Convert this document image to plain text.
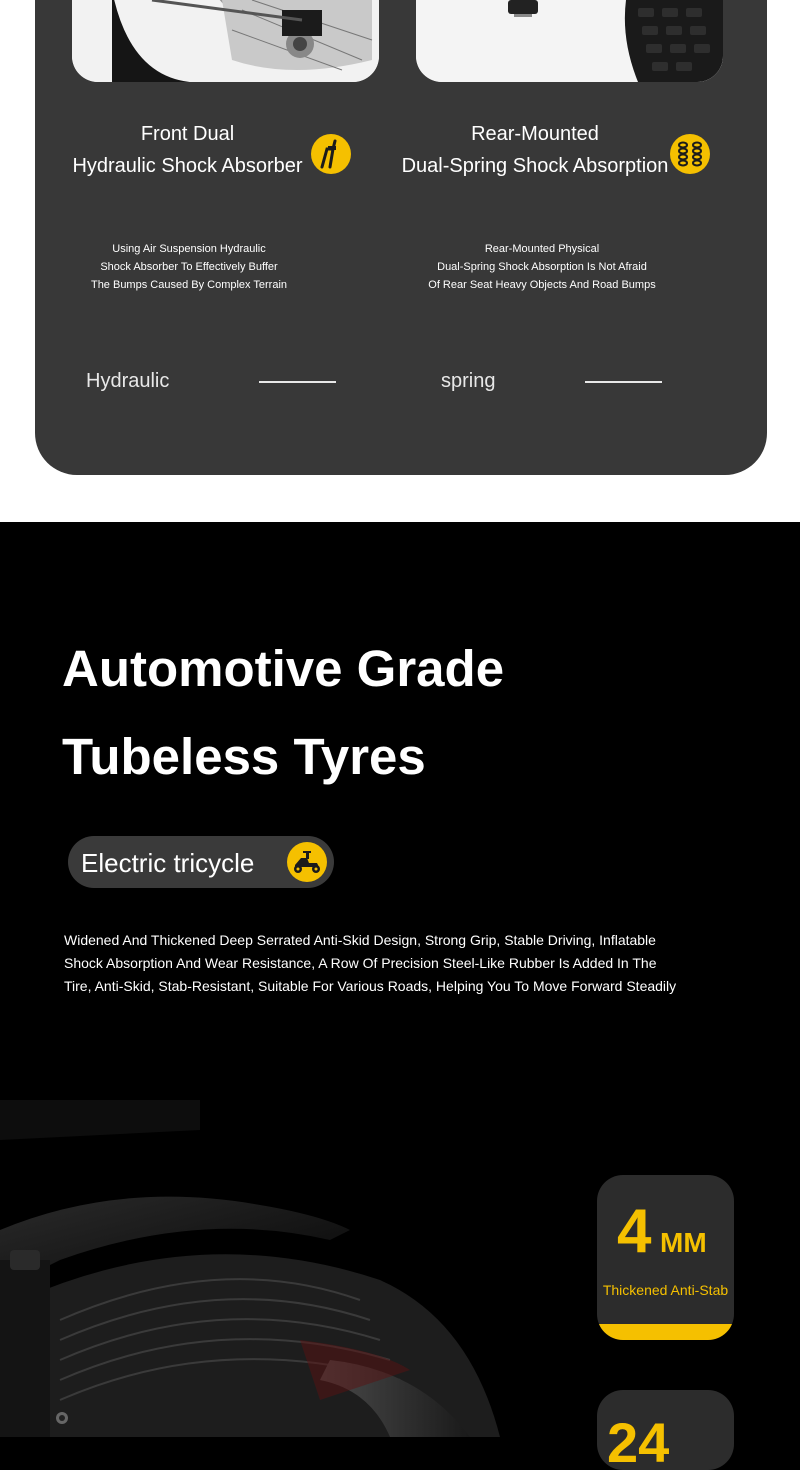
Front Dual
Hydraulic Shock Absorber
Rear-Mounted
Dual-Spring Shock Absorption
Using Air Suspension Hydraulic
Shock Absorber To Effectively Buffer
The Bumps Caused By Complex Terrain
Rear-Mounted Physical
Dual-Spring Shock Absorption Is Not Afraid
Of Rear Seat Heavy Objects And Road Bumps
Hydraulic	spring
Automotive Grade
Tubeless Tyres
Electric tricycle
Widened And Thickened Deep Serrated Anti-Skid Design, Strong Grip, Stable Driving, Inflatable
Shock Absorption And Wear Resistance, A Row Of Precision Steel-Like Rubber Is Added In The
Tire, Anti-Skid, Stab-Resistant, Suitable For Various Roads, Helping You To Move Forward Steadily
4 MM
Thickened Anti-Stab
24
